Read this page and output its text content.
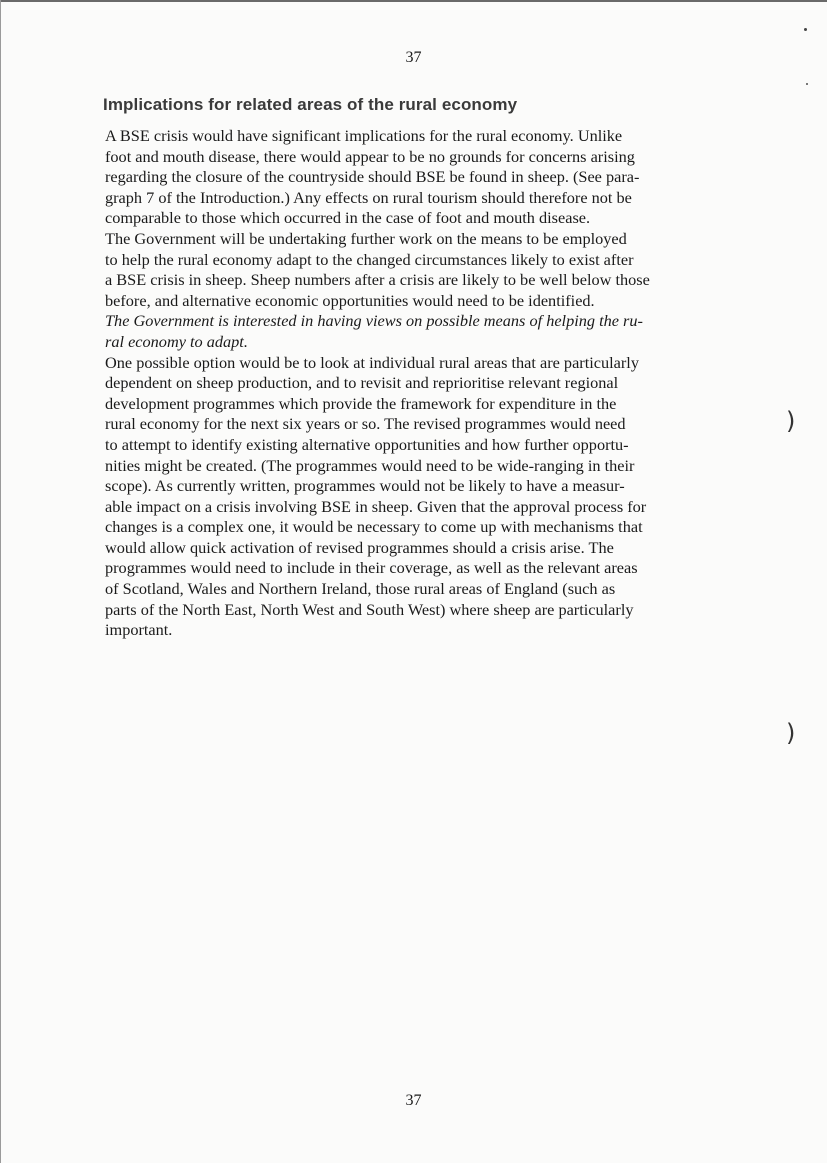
37
Implications for related areas of the rural economy
A BSE crisis would have significant implications for the rural economy. Unlike
foot and mouth disease, there would appear to be no grounds for concerns arising
regarding the closure of the countryside should BSE be found in sheep. (See para-
graph 7 of the Introduction.) Any effects on rural tourism should therefore not be
comparable to those which occurred in the case of foot and mouth disease.
The Government will be undertaking further work on the means to be employed
to help the rural economy adapt to the changed circumstances likely to exist after
a BSE crisis in sheep. Sheep numbers after a crisis are likely to be well below those
before, and alternative economic opportunities would need to be identified.
The Government is interested in having views on possible means of helping the ru-
ral economy to adapt.
One possible option would be to look at individual rural areas that are particularly
dependent on sheep production, and to revisit and reprioritise relevant regional
development programmes which provide the framework for expenditure in the
rural economy for the next six years or so. The revised programmes would need
to attempt to identify existing alternative opportunities and how further opportu-
nities might be created. (The programmes would need to be wide-ranging in their
scope). As currently written, programmes would not be likely to have a measur-
able impact on a crisis involving BSE in sheep. Given that the approval process for
changes is a complex one, it would be necessary to come up with mechanisms that
would allow quick activation of revised programmes should a crisis arise. The
programmes would need to include in their coverage, as well as the relevant areas
of Scotland, Wales and Northern Ireland, those rural areas of England (such as
parts of the North East, North West and South West) where sheep are particularly
important.
)
)
37
